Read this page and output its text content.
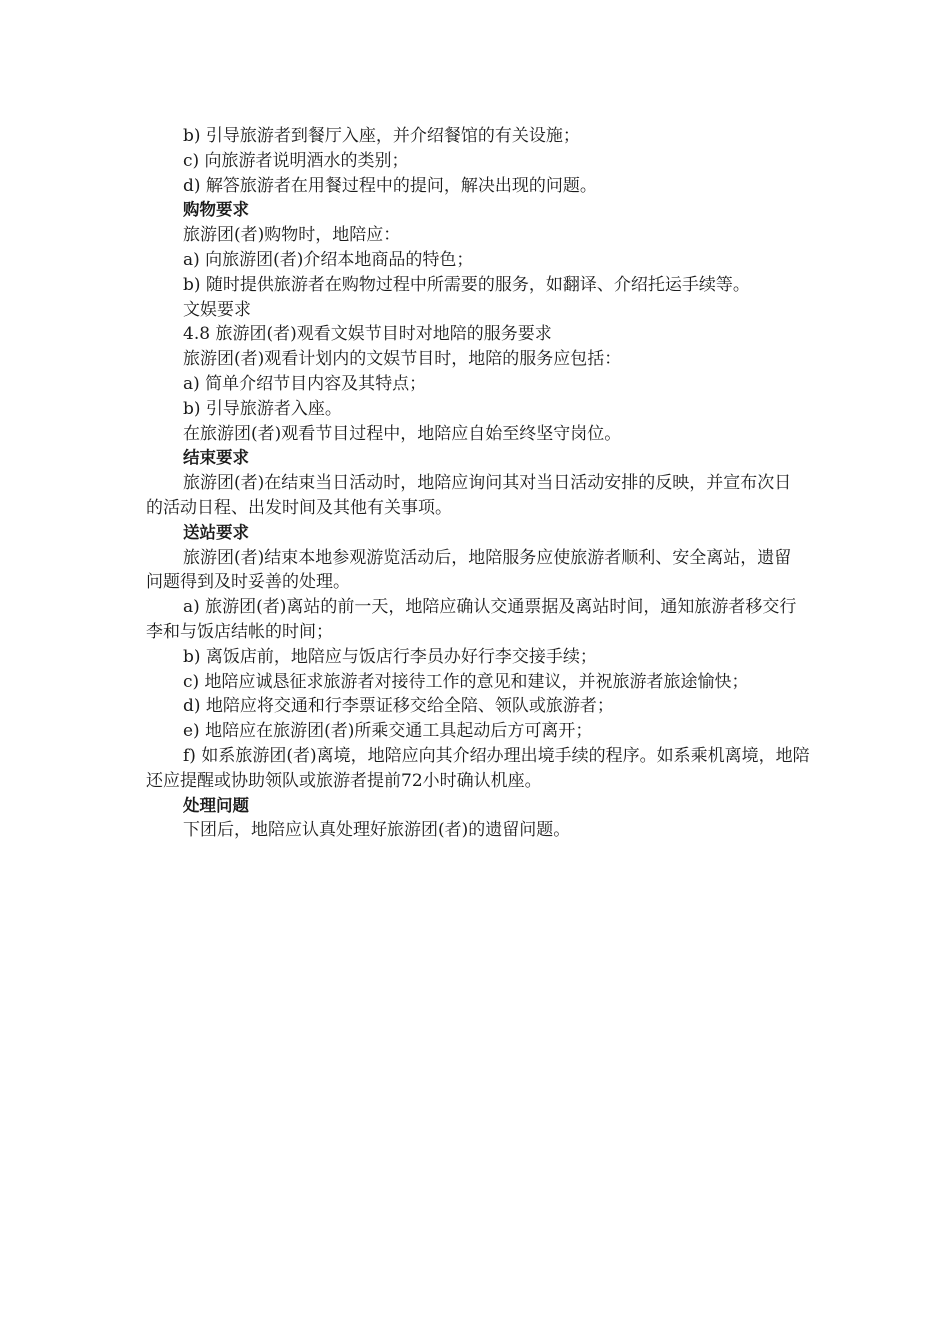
b) 引导旅游者到餐厅入座，并介绍餐馆的有关设施；

c) 向旅游者说明酒水的类别；

d) 解答旅游者在用餐过程中的提问，解决出现的问题。

购物要求

旅游团(者)购物时，地陪应：

a) 向旅游团(者)介绍本地商品的特色；

b) 随时提供旅游者在购物过程中所需要的服务，如翻译、介绍托运手续等。

文娱要求

4.8 旅游团(者)观看文娱节目时对地陪的服务要求

旅游团(者)观看计划内的文娱节目时，地陪的服务应包括：

a) 简单介绍节目内容及其特点；

b) 引导旅游者入座。

在旅游团(者)观看节目过程中，地陪应自始至终坚守岗位。

结束要求

旅游团(者)在结束当日活动时，地陪应询问其对当日活动安排的反映，并宣布次日的活动日程、出发时间及其他有关事项。

送站要求

旅游团(者)结束本地参观游览活动后，地陪服务应使旅游者顺利、安全离站，遗留问题得到及时妥善的处理。

a) 旅游团(者)离站的前一天，地陪应确认交通票据及离站时间，通知旅游者移交行李和与饭店结帐的时间；

b) 离饭店前，地陪应与饭店行李员办好行李交接手续；

c) 地陪应诚恳征求旅游者对接待工作的意见和建议，并祝旅游者旅途愉快；

d) 地陪应将交通和行李票证移交给全陪、领队或旅游者；

e) 地陪应在旅游团(者)所乘交通工具起动后方可离开；

f) 如系旅游团(者)离境，地陪应向其介绍办理出境手续的程序。如系乘机离境，地陪还应提醒或协助领队或旅游者提前72小时确认机座。

处理问题

下团后，地陪应认真处理好旅游团(者)的遗留问题。
